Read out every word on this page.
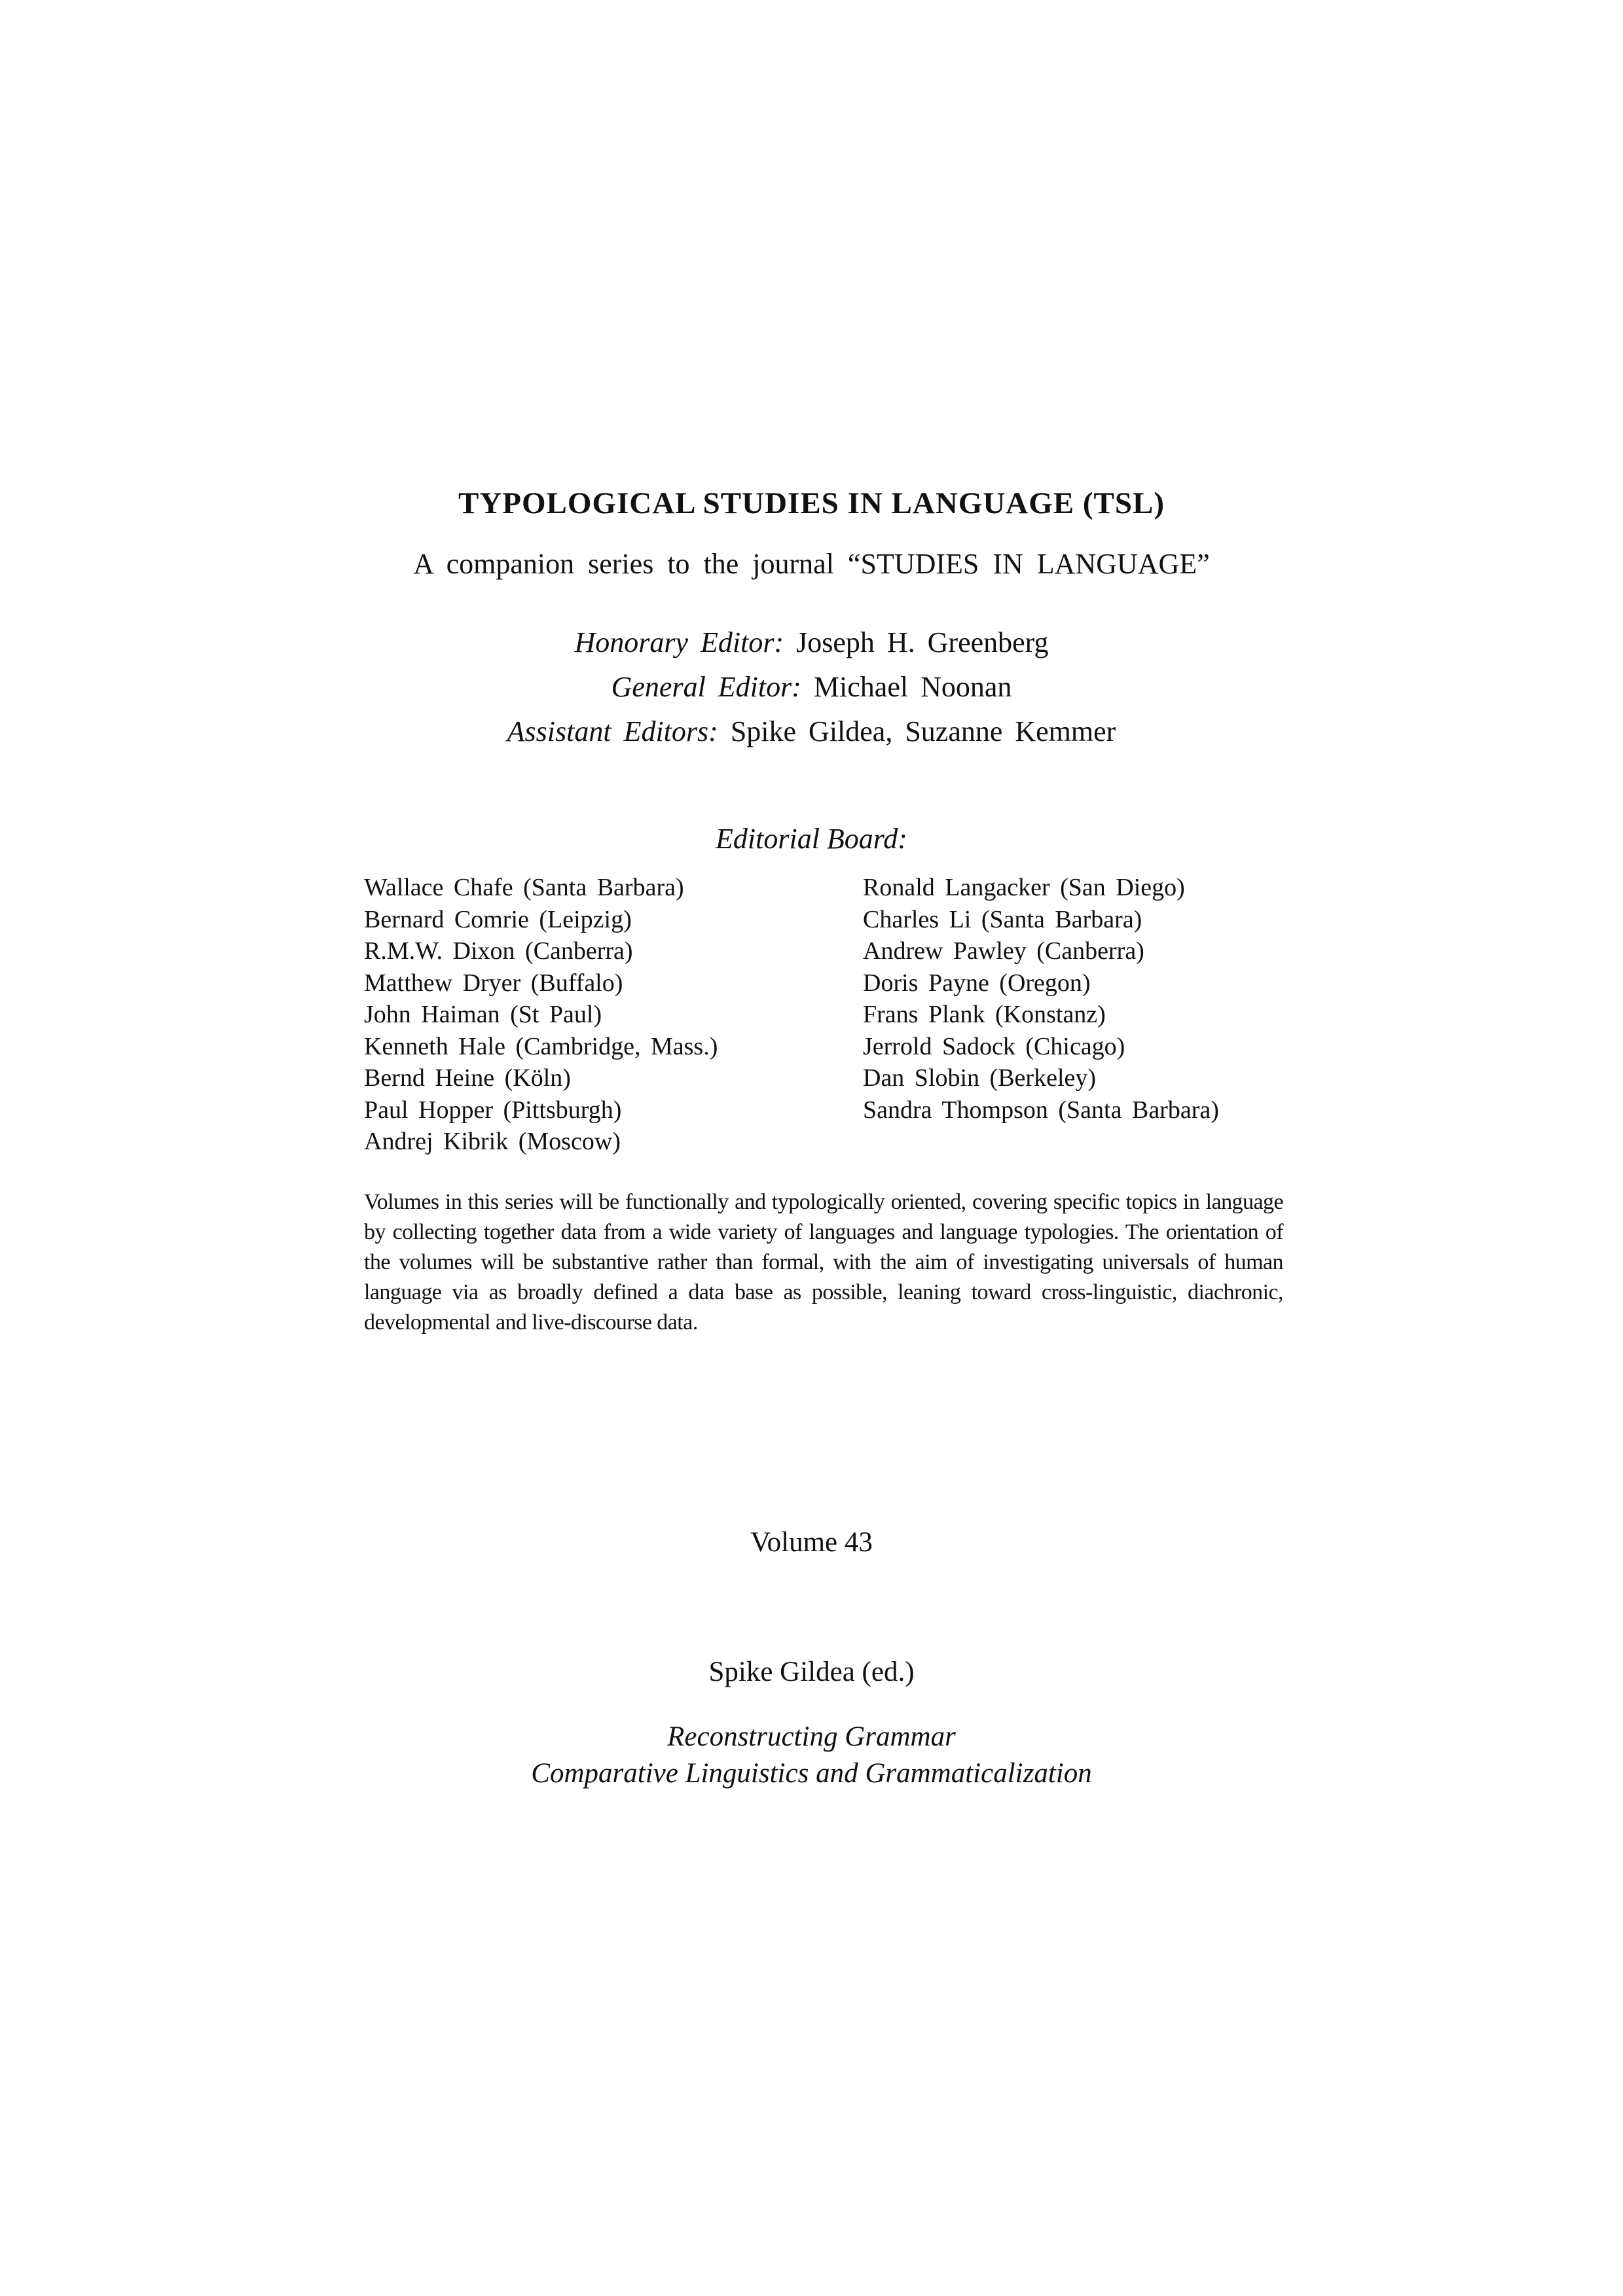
TYPOLOGICAL STUDIES IN LANGUAGE (TSL)
A companion series to the journal “STUDIES IN LANGUAGE”
Honorary Editor: Joseph H. Greenberg
General Editor: Michael Noonan
Assistant Editors: Spike Gildea, Suzanne Kemmer
Editorial Board:
Wallace Chafe (Santa Barbara)
Bernard Comrie (Leipzig)
R.M.W. Dixon (Canberra)
Matthew Dryer (Buffalo)
John Haiman (St Paul)
Kenneth Hale (Cambridge, Mass.)
Bernd Heine (Köln)
Paul Hopper (Pittsburgh)
Andrej Kibrik (Moscow)
Ronald Langacker (San Diego)
Charles Li (Santa Barbara)
Andrew Pawley (Canberra)
Doris Payne (Oregon)
Frans Plank (Konstanz)
Jerrold Sadock (Chicago)
Dan Slobin (Berkeley)
Sandra Thompson (Santa Barbara)
Volumes in this series will be functionally and typologically oriented, covering specific topics in language by collecting together data from a wide variety of languages and language typologies. The orientation of the volumes will be substantive rather than formal, with the aim of investigating universals of human language via as broadly defined a data base as possible, leaning toward cross-linguistic, diachronic, developmental and live-discourse data.
Volume 43
Spike Gildea (ed.)
Reconstructing Grammar
Comparative Linguistics and Grammaticalization
